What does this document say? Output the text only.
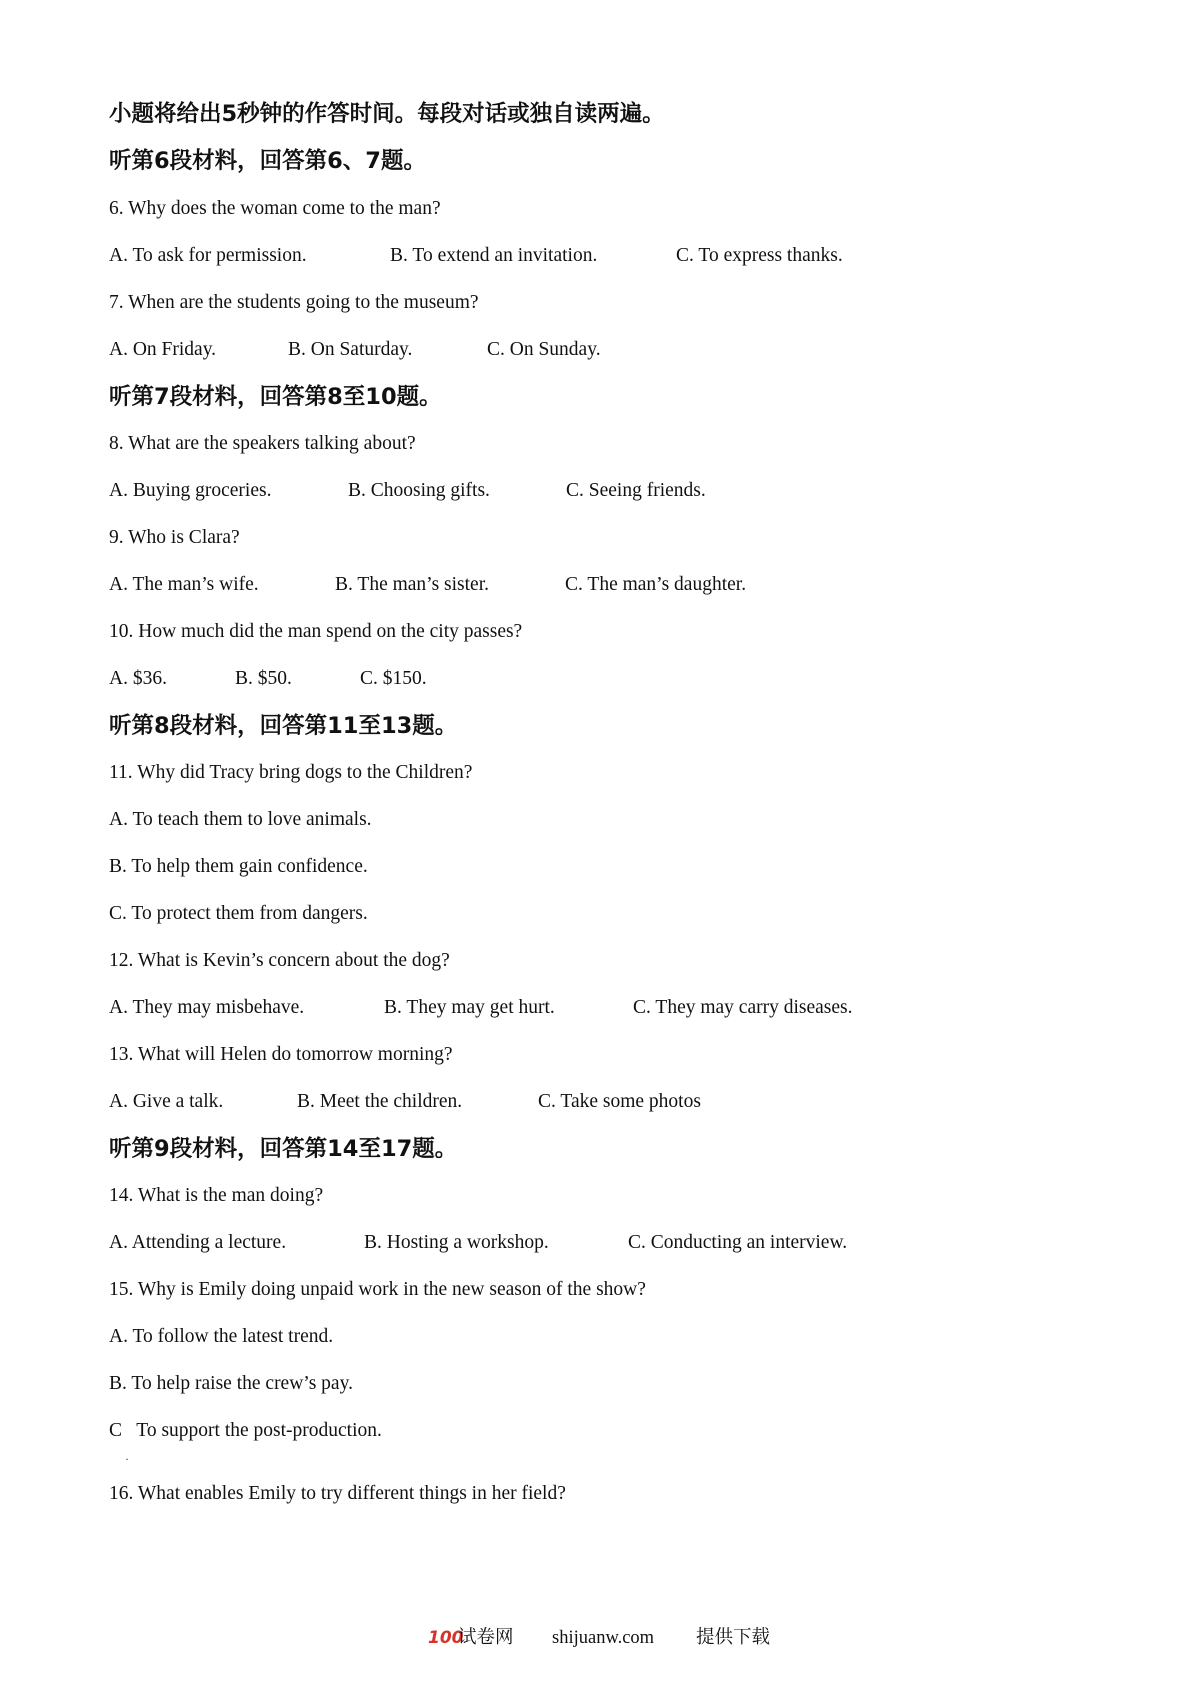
小题将给出5秒钟的作答时间。每段对话或独自读两遍。
听第6段材料，回答第6、7题。
6. Why does the woman come to the man?
A. To ask for permission.	B. To extend an invitation.	C. To express thanks.
7. When are the students going to the museum?
A. On Friday.	B. On Saturday.	C. On Sunday.
听第7段材料，回答第8至10题。
8. What are the speakers talking about?
A. Buying groceries.	B. Choosing gifts.	C. Seeing friends.
9. Who is Clara?
A. The man’s wife.	B. The man’s sister.	C. The man’s daughter.
10. How much did the man spend on the city passes?
A. $36.	B. $50.	C. $150.
听第8段材料，回答第11至13题。
11. Why did Tracy bring dogs to the Children?
A. To teach them to love animals.
B. To help them gain confidence.
C. To protect them from dangers.
12. What is Kevin’s concern about the dog?
A. They may misbehave.	B. They may get hurt.	C. They may carry diseases.
13. What will Helen do tomorrow morning?
A. Give a talk.	B. Meet the children.	C. Take some photos
听第9段材料，回答第14至17题。
14. What is the man doing?
A. Attending a lecture.	B. Hosting a workshop.	C. Conducting an interview.
15. Why is Emily doing unpaid work in the new season of the show?
A. To follow the latest trend.
B. To help raise the crew’s pay.
C   To support the post-production.
·
16. What enables Emily to try different things in her field?
100
试卷网 shijuanw.com 提供下载
